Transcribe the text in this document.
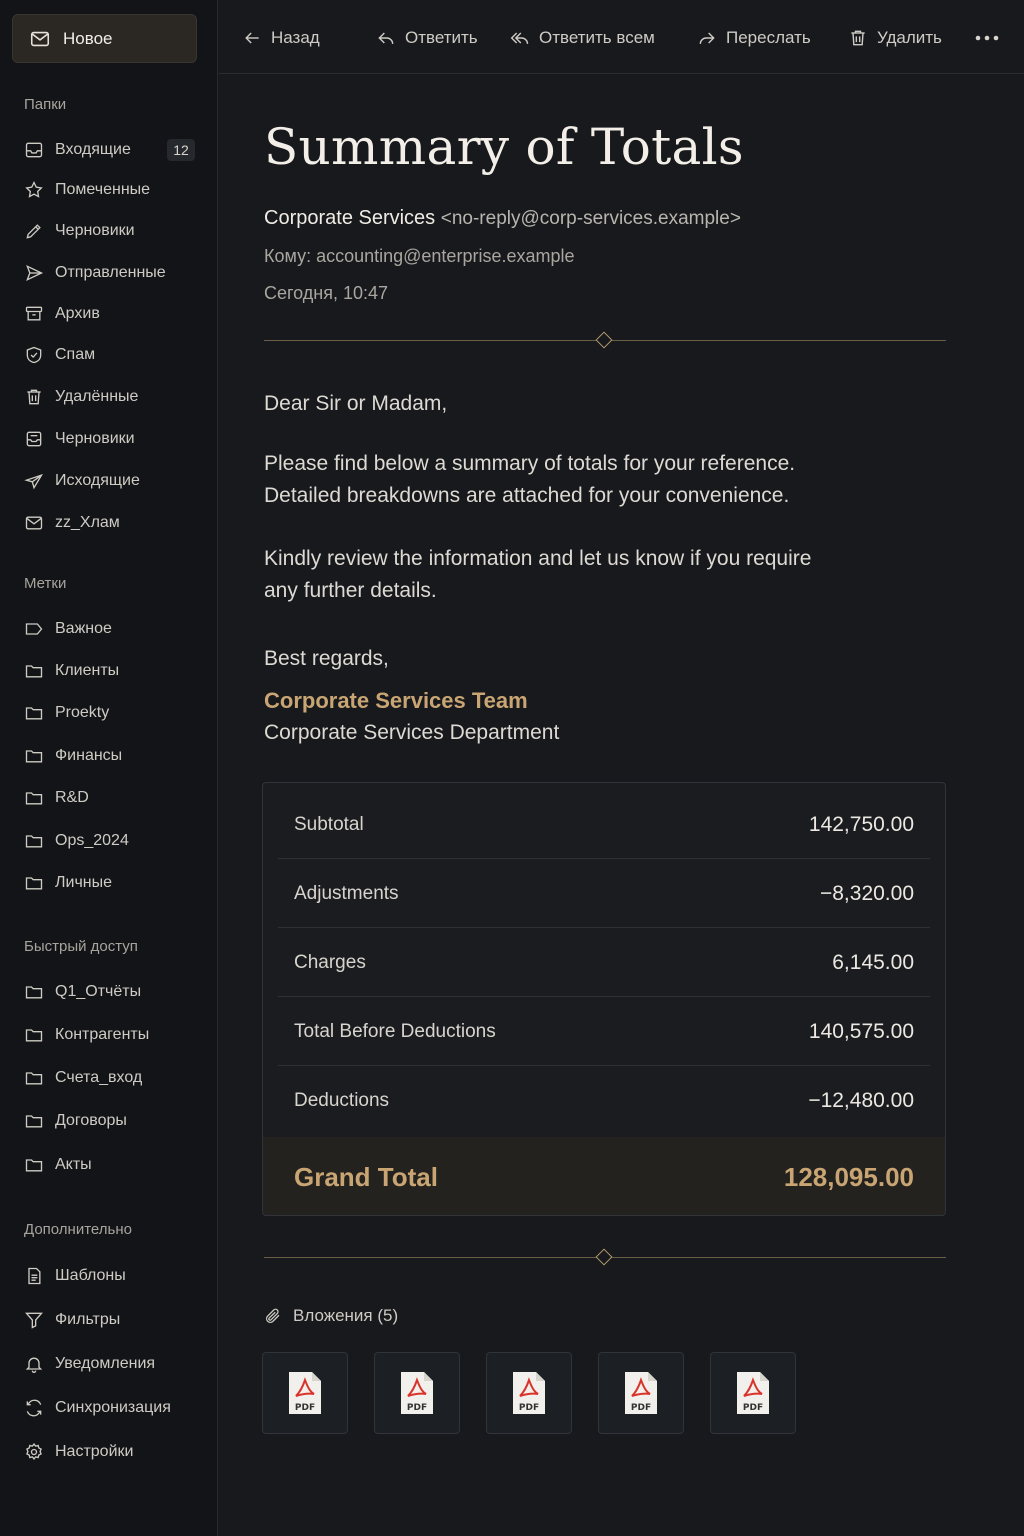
Новое
Папки
Входящие	12
Помеченные
Черновики
Отправленные
Архив
Спам
Удалённые
Черновики
Исходящие
zz_Хлам
Метки
Важное
Клиенты
Proekty
Финансы
R&D
Ops_2024
Личные
Быстрый доступ
Q1_Отчёты
Контрагенты
Счета_вход
Договоры
Акты
Дополнительно
Шаблоны
Фильтры
Уведомления
Синхронизация
Настройки
Назад	Ответить	Ответить всем	Переслать	Удалить
Summary of Totals
Corporate Services <no-reply@corp-services.example>
Кому: accounting@enterprise.example
Сегодня, 10:47
Dear Sir or Madam,
Please find below a summary of totals for your reference.
Detailed breakdowns are attached for your convenience.
Kindly review the information and let us know if you require
any further details.
Best regards,
Corporate Services Team
Corporate Services Department
Subtotal	142,750.00
Adjustments	−8,320.00
Charges	6,145.00
Total Before Deductions	140,575.00
Deductions	−12,480.00
Grand Total	128,095.00
Вложения (5)
PDF	PDF	PDF	PDF	PDF
